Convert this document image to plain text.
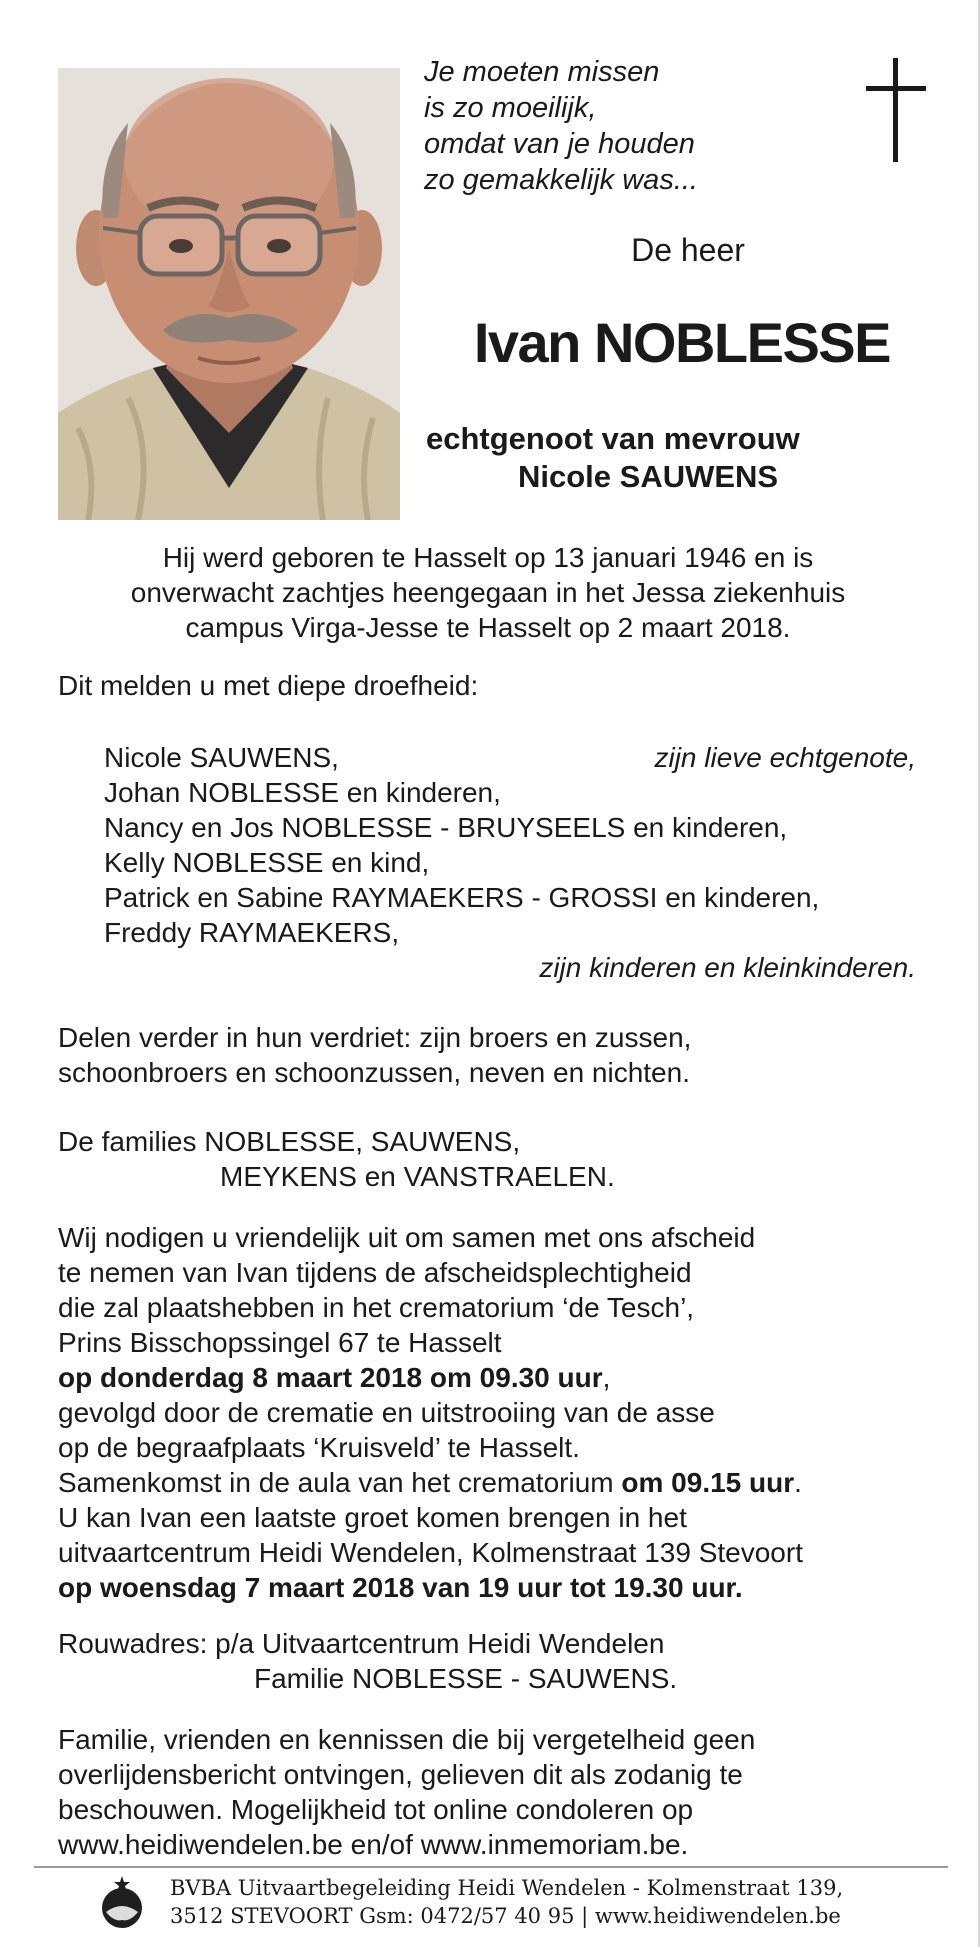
Je moeten missen
is zo moeilijk,
omdat van je houden
zo gemakkelijk was...
De heer
Ivan NOBLESSE
echtgenoot van mevrouw
Nicole SAUWENS
Hij werd geboren te Hasselt op 13 januari 1946 en is
onverwacht zachtjes heengegaan in het Jessa ziekenhuis
campus Virga-Jesse te Hasselt op 2 maart 2018.
Dit melden u met diepe droefheid:
Nicole SAUWENS,	zijn lieve echtgenote,
Johan NOBLESSE en kinderen,
Nancy en Jos NOBLESSE - BRUYSEELS en kinderen,
Kelly NOBLESSE en kind,
Patrick en Sabine RAYMAEKERS - GROSSI en kinderen,
Freddy RAYMAEKERS,
zijn kinderen en kleinkinderen.
Delen verder in hun verdriet: zijn broers en zussen,
schoonbroers en schoonzussen, neven en nichten.
De families NOBLESSE, SAUWENS,
MEYKENS en VANSTRAELEN.
Wij nodigen u vriendelijk uit om samen met ons afscheid
te nemen van Ivan tijdens de afscheidsplechtigheid
die zal plaatshebben in het crematorium ‘de Tesch’,
Prins Bisschopssingel 67 te Hasselt
op donderdag 8 maart 2018 om 09.30 uur,
gevolgd door de crematie en uitstrooiing van de asse
op de begraafplaats ‘Kruisveld’ te Hasselt.
Samenkomst in de aula van het crematorium om 09.15 uur.
U kan Ivan een laatste groet komen brengen in het
uitvaartcentrum Heidi Wendelen, Kolmenstraat 139 Stevoort
op woensdag 7 maart 2018 van 19 uur tot 19.30 uur.
Rouwadres: p/a Uitvaartcentrum Heidi Wendelen
Familie NOBLESSE - SAUWENS.
Familie, vrienden en kennissen die bij vergetelheid geen
overlijdensbericht ontvingen, gelieven dit als zodanig te
beschouwen. Mogelijkheid tot online condoleren op
www.heidiwendelen.be en/of www.inmemoriam.be.
BVBA Uitvaartbegeleiding Heidi Wendelen - Kolmenstraat 139,
3512 STEVOORT Gsm: 0472/57 40 95 | www.heidiwendelen.be
